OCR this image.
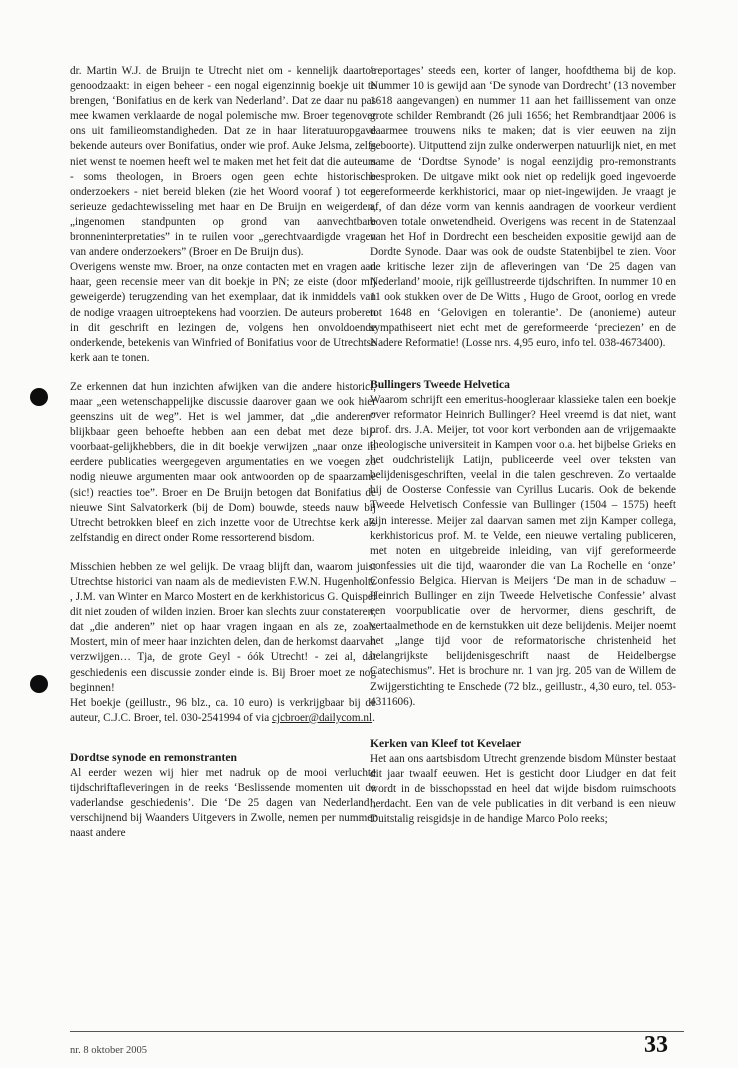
dr. Martin W.J. de Bruijn te Utrecht niet om - kennelijk daartoe genoodzaakt: in eigen beheer - een nogal eigenzinnig boekje uit te brengen, ‘Bonifatius en de kerk van Nederland’. Dat ze daar nu pas mee kwamen verklaarde de nogal polemische mw. Broer tegenover ons uit familieomstandigheden. Dat ze in haar literatuuropgave bekende auteurs over Bonifatius, onder wie prof. Auke Jelsma, zelfs niet wenst te noemen heeft wel te maken met het feit dat die auteurs - soms theologen, in Broers ogen geen echte historische onderzoekers - niet bereid bleken (zie het Woord vooraf ) tot een serieuze gedachtewisseling met haar en De Bruijn en weigerden, „ingenomen standpunten op grond van aanvechtbare bronneninterpretaties” in te ruilen voor „gerechtvaardigde vragen van andere onderzoekers” (Broer en De Bruijn dus).

Overigens wenste mw. Broer, na onze contacten met en vragen aan haar, geen recensie meer van dit boekje in PN; ze eiste (door mij geweigerde) terugzending van het exemplaar, dat ik inmiddels van de nodige vraagen uitroeptekens had voorzien. De auteurs proberen in dit geschrift en lezingen de, volgens hen onvoldoende onderkende, betekenis van Winfried of Bonifatius voor de Utrechtse kerk aan te tonen.

Ze erkennen dat hun inzichten afwijken van die andere historici, maar „een wetenschappelijke discussie daarover gaan we ook hier geenszins uit de weg”. Het is wel jammer, dat „die anderen” blijkbaar geen behoefte hebben aan een debat met deze bij-voorbaat-gelijkhebbers, die in dit boekje verwijzen „naar onze in eerdere publicaties weergegeven argumentaties en we voegen zo nodig nieuwe argumenten maar ook antwoorden op de spaarzame (sic!) reacties toe”. Broer en De Bruijn betogen dat Bonifatius de nieuwe Sint Salvatorkerk (bij de Dom) bouwde, steeds nauw bij Utrecht betrokken bleef en zich inzette voor de Utrechtse kerk als zelfstandig en direct onder Rome ressorterend bisdom.

Misschien hebben ze wel gelijk. De vraag blijft dan, waarom juist Utrechtse historici van naam als de medievisten F.W.N. Hugenholtz , J.M. van Winter en Marco Mostert en de kerkhistoricus G. Quispel dit niet zouden of wilden inzien. Broer kan slechts zuur constateren, dat „die anderen” niet op haar vragen ingaan en als ze, zoals Mostert, min of meer haar inzichten delen, dan de herkomst daarvan verzwijgen… Tja, de grote Geyl - óók Utrecht! - zei al, dat geschiedenis een discussie zonder einde is. Bij Broer moet ze nog beginnen!

Het boekje (geillustr., 96 blz., ca. 10 euro) is verkrijgbaar bij de auteur, C.J.C. Broer, tel. 030-2541994 of via cjcbroer@dailycom.nl.

Dordtse synode en remonstranten

Al eerder wezen wij hier met nadruk op de mooi verluchte tijdschriftafleveringen in de reeks ‘Beslissende momenten uit de vaderlandse geschiedenis’. Die ‘De 25 dagen van Nederland’, verschijnend bij Waanders Uitgevers in Zwolle, nemen per nummer naast andere

‘reportages’ steeds een, korter of langer, hoofdthema bij de kop. Nummer 10 is gewijd aan ‘De synode van Dordrecht’ (13 november 1618 aangevangen) en nummer 11 aan het faillissement van onze grote schilder Rembrandt (26 juli 1656; het Rembrandtjaar 2006 is daarmee trouwens niks te maken; dat is vier eeuwen na zijn geboorte). Uitputtend zijn zulke onderwerpen natuurlijk niet, en met name de ‘Dordtse Synode’ is nogal eenzijdig pro-remonstrants besproken. De uitgave mikt ook niet op redelijk goed ingevoerde gereformeerde kerkhistorici, maar op niet-ingewijden. Je vraagt je af, of dan déze vorm van kennis aandragen de voorkeur verdient boven totale onwetendheid. Overigens was recent in de Statenzaal van het Hof in Dordrecht een bescheiden expositie gewijd aan de Dordte Synode. Daar was ook de oudste Statenbijbel te zien. Voor de kritische lezer zijn de afleveringen van ‘De 25 dagen van Nederland’ mooie, rijk geïllustreerde tijdschriften. In nummer 10 en 11 ook stukken over de De Witts , Hugo de Groot, oorlog en vrede tot 1648 en ‘Gelovigen en tolerantie’. De (anonieme) auteur sympathiseert niet echt met de gereformeerde ‘preciezen’ en de Nadere Reformatie! (Losse nrs. 4,95 euro, info tel. 038-4673400).

Bullingers Tweede Helvetica

Waarom schrijft een emeritus-hoogleraar klassieke talen een boekje over reformator Heinrich Bullinger? Heel vreemd is dat niet, want prof. drs. J.A. Meijer, tot voor kort verbonden aan de vrijgemaakte theologische universiteit in Kampen voor o.a. het bijbelse Grieks en het oudchristelijk Latijn, publiceerde veel over teksten van belijdenisgeschriften, veelal in die talen geschreven. Zo vertaalde hij de Oosterse Confessie van Cyrillus Lucaris. Ook de bekende Tweede Helvetisch Confessie van Bullinger (1504 – 1575) heeft zijn interesse. Meijer zal daarvan samen met zijn Kamper collega, kerkhistoricus prof. M. te Velde, een nieuwe vertaling publiceren, met noten en uitgebreide inleiding, van vijf gereformeerde confessies uit die tijd, waaronder die van La Rochelle en ‘onze’ Confessio Belgica. Hiervan is Meijers ‘De man in de schaduw – Heinrich Bullinger en zijn Tweede Helvetische Confessie’ alvast een voorpublicatie over de hervormer, diens geschrift, de vertaalmethode en de kernstukken uit deze belijdenis. Meijer noemt het „lange tijd voor de reformatorische christenheid het belangrijkste belijdenisgeschrift naast de Heidelbergse Catechismus”. Het is brochure nr. 1 van jrg. 205 van de Willem de Zwijgerstichting te Enschede (72 blz., geillustr., 4,30 euro, tel. 053-4311606).

Kerken van Kleef tot Kevelaer

Het aan ons aartsbisdom Utrecht grenzende bisdom Münster bestaat dit jaar twaalf eeuwen. Het is gesticht door Liudger en dat feit wordt in de bisschopsstad en heel dat wijde bisdom ruimschoots herdacht. Een van de vele publicaties in dit verband is een nieuw Duitstalig reisgidsje in de handige Marco Polo reeks;

nr. 8 oktober 2005	33
